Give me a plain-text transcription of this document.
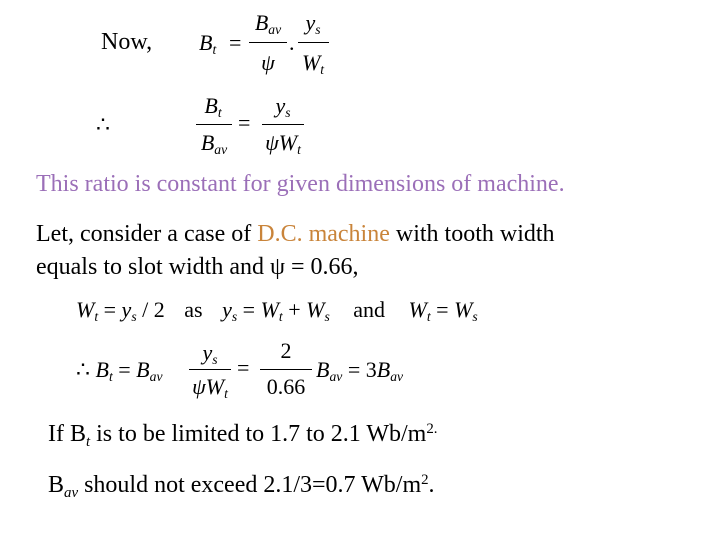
Now, Bt =
Bav
ψ
.
ys
Wt
∴
Bt
Bav
=
ys
ψWt
This ratio is constant for given dimensions of machine.
Let, consider a case of D.C. machine with tooth width
equals to slot width and ψ = 0.66,
Wt = ys / 2 as ys = Wt + Ws and Wt = Ws
∴ Bt = Bav
ys
ψWt
=
2
0.66
Bav = 3Bav
If Bt is to be limited to 1.7 to 2.1 $Wb/m^{2.}$
Bav should not exceed 2.1/3=0.7 $Wb/m^2$.
